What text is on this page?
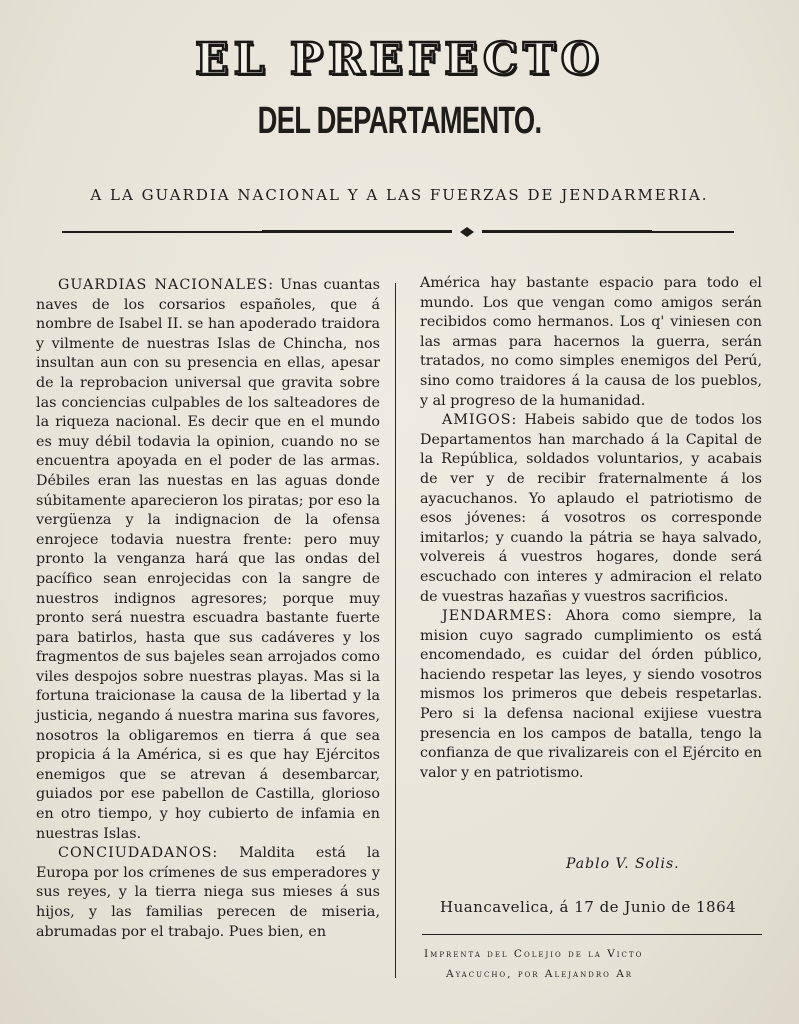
EL PREFECTO
DEL DEPARTAMENTO.
A LA GUARDIA NACIONAL Y A LAS FUERZAS DE JENDARMERIA.

GUARDIAS NACIONALES: Unas cuantas naves de los corsarios españoles, que á nombre de Isabel II. se han apoderado traidora y vilmente de nuestras Islas de Chincha, nos insultan aun con su presencia en ellas, apesar de la reprobacion universal que gravita sobre las conciencias culpables de los salteadores de la riqueza nacional. Es decir que en el mundo es muy débil todavia la opinion, cuando no se encuentra apoyada en el poder de las armas. Débiles eran las nuestas en las aguas donde súbitamente aparecieron los piratas; por eso la vergüenza y la indignacion de la ofensa enrojece todavia nuestra frente: pero muy pronto la venganza hará que las ondas del pacífico sean enrojecidas con la sangre de nuestros indignos agresores; porque muy pronto será nuestra escuadra bastante fuerte para batirlos, hasta que sus cadáveres y los fragmentos de sus bajeles sean arrojados como viles despojos sobre nuestras playas. Mas si la fortuna traicionase la causa de la libertad y la justicia, negando á nuestra marina sus favores, nosotros la obligaremos en tierra á que sea propicia á la América, si es que hay Ejércitos enemigos que se atrevan á desembarcar, guiados por ese pabellon de Castilla, glorioso en otro tiempo, y hoy cubierto de infamia en nuestras Islas.

CONCIUDADANOS: Maldita está la Europa por los crímenes de sus emperadores y sus reyes, y la tierra niega sus mieses á sus hijos, y las familias perecen de miseria, abrumadas por el trabajo. Pues bien, en

América hay bastante espacio para todo el mundo. Los que vengan como amigos serán recibidos como hermanos. Los q' viniesen con las armas para hacernos la guerra, serán tratados, no como simples enemigos del Perú, sino como traidores á la causa de los pueblos, y al progreso de la humanidad.

AMIGOS: Habeis sabido que de todos los Departamentos han marchado á la Capital de la República, soldados voluntarios, y acabais de ver y de recibir fraternalmente á los ayacuchanos. Yo aplaudo el patriotismo de esos jóvenes: á vosotros os corresponde imitarlos; y cuando la pátria se haya salvado, volvereis á vuestros hogares, donde será escuchado con interes y admiracion el relato de vuestras hazañas y vuestros sacrificios.

JENDARMES: Ahora como siempre, la mision cuyo sagrado cumplimiento os está encomendado, es cuidar del órden público, haciendo respetar las leyes, y siendo vosotros mismos los primeros que debeis respetarlas. Pero si la defensa nacional exijiese vuestra presencia en los campos de batalla, tengo la confianza de que rivalizareis con el Ejército en valor y en patriotismo.

Pablo V. Solis.
Huancavelica, á 17 de Junio de 1864
Imprenta del Colejio de la Victo
Ayacucho, por Alejandro Ar
